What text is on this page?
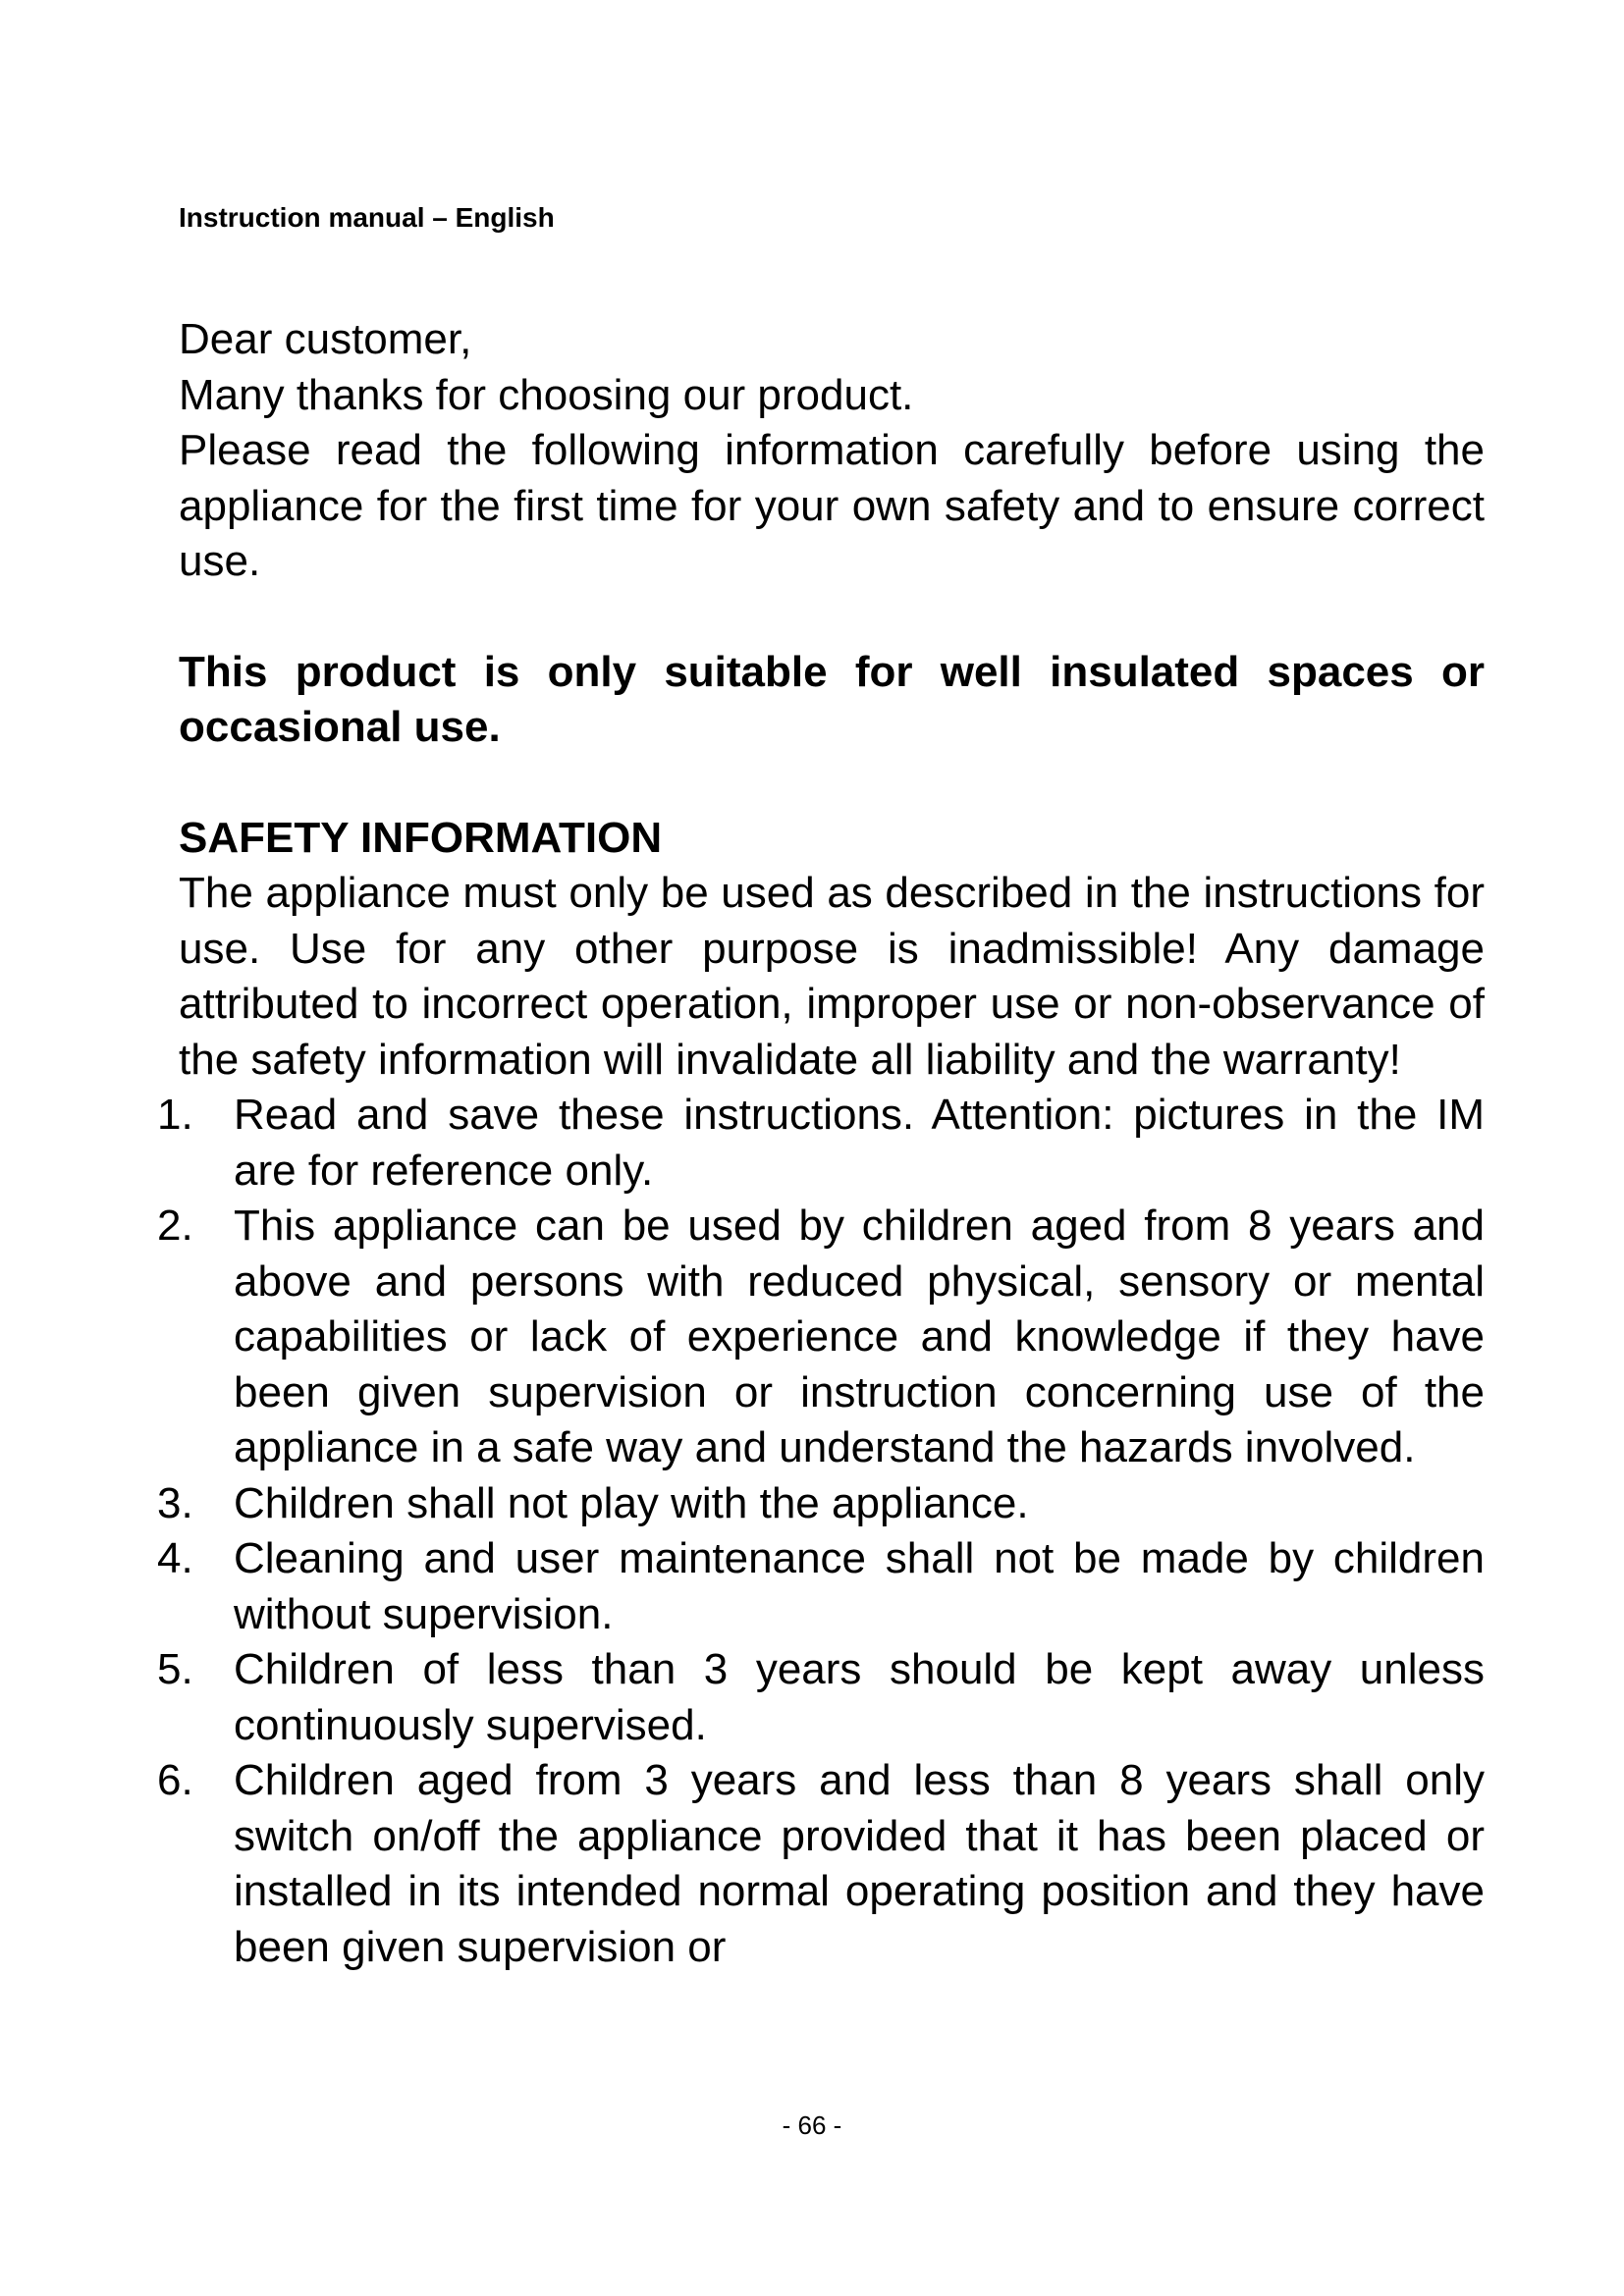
Instruction manual – English

Dear customer,

Many thanks for choosing our product.

Please read the following information carefully before using the appliance for the first time for your own safety and to ensure correct use.

This product is only suitable for well insulated spaces or occasional use.

SAFETY INFORMATION

The appliance must only be used as described in the instructions for use. Use for any other purpose is inadmissible! Any damage attributed to incorrect operation, improper use or non-observance of the safety information will invalidate all liability and the warranty!

1. Read and save these instructions. Attention: pictures in the IM are for reference only.
2. This appliance can be used by children aged from 8 years and above and persons with reduced physical, sensory or mental capabilities or lack of experience and knowledge if they have been given supervision or instruction concerning use of the appliance in a safe way and understand the hazards involved.
3. Children shall not play with the appliance.
4. Cleaning and user maintenance shall not be made by children without supervision.
5. Children of less than 3 years should be kept away unless continuously supervised.
6. Children aged from 3 years and less than 8 years shall only switch on/off the appliance provided that it has been placed or installed in its intended normal operating position and they have been given supervision or
- 66 -
